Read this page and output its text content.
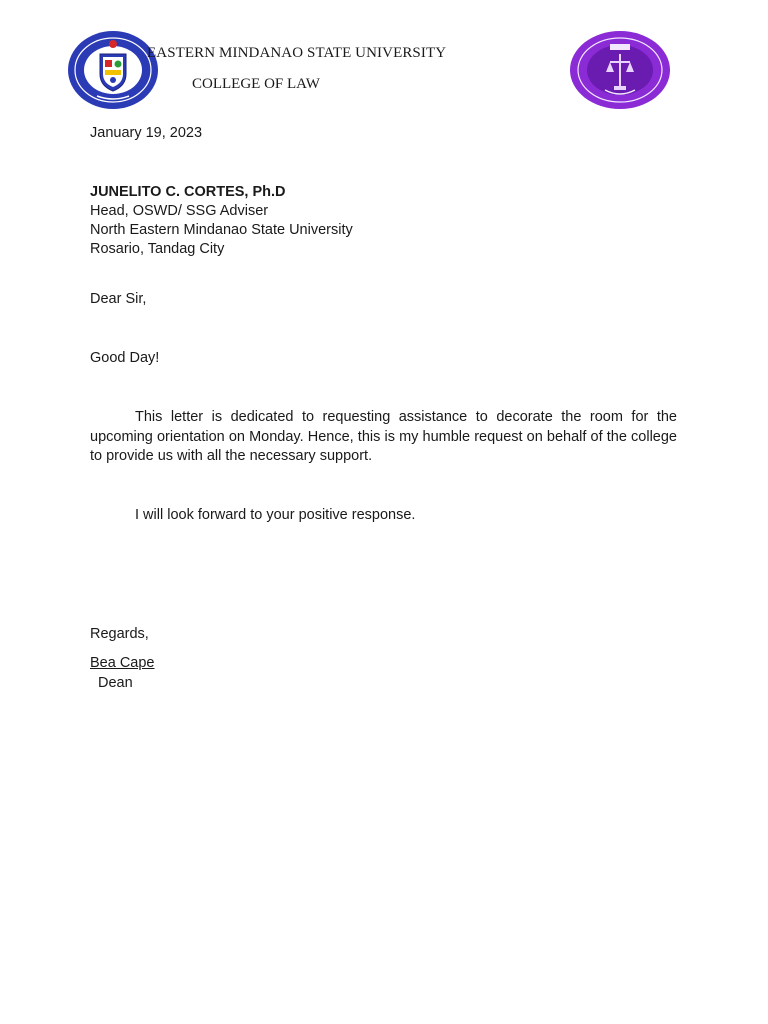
EASTERN MINDANAO STATE UNIVERSITY
COLLEGE OF LAW
January 19, 2023
JUNELITO C. CORTES, Ph.D
Head, OSWD/ SSG Adviser
North Eastern Mindanao State University
Rosario, Tandag City
Dear Sir,
Good Day!
This letter is dedicated to requesting assistance to decorate the room for the upcoming orientation on Monday. Hence, this is my humble request on behalf of the college to provide us with all the necessary support.
I will look forward to your positive response.
Regards,
Bea Cape
Dean
